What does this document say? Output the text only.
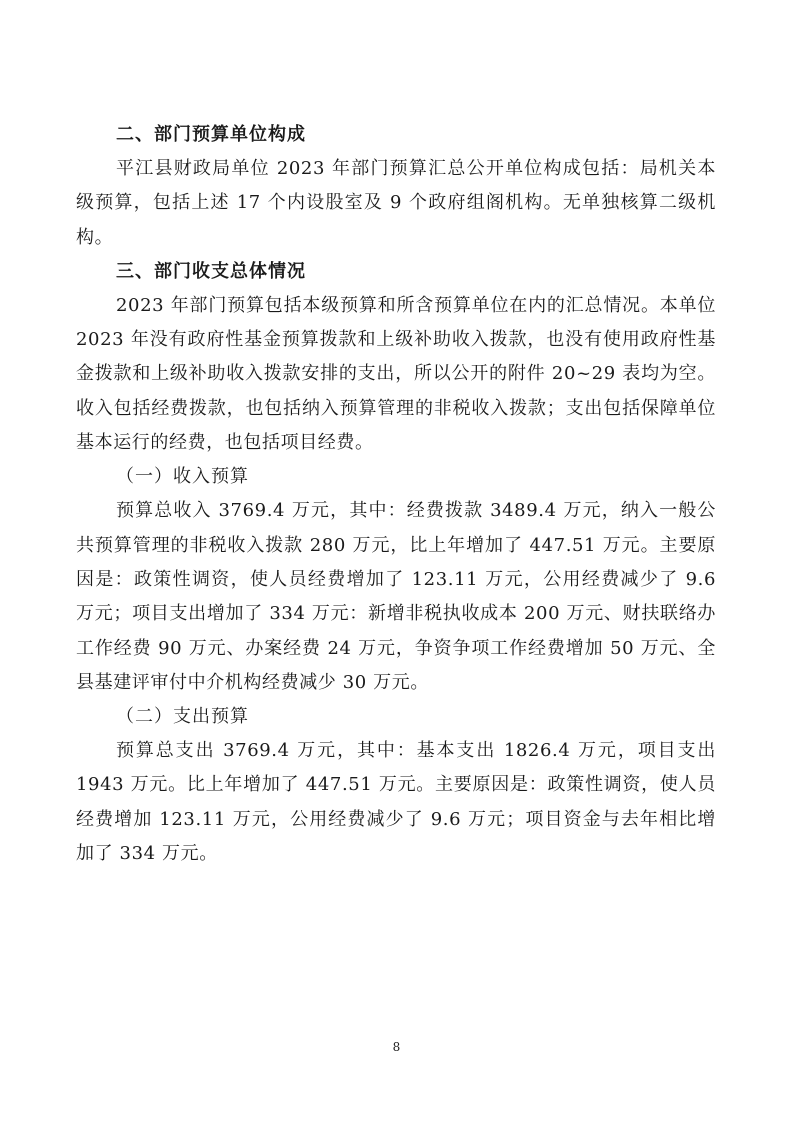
二、部门预算单位构成

平江县财政局单位 2023 年部门预算汇总公开单位构成包括：局机关本级预算，包括上述 17 个内设股室及 9 个政府组阁机构。无单独核算二级机构。

三、部门收支总体情况

2023 年部门预算包括本级预算和所含预算单位在内的汇总情况。本单位 2023 年没有政府性基金预算拨款和上级补助收入拨款，也没有使用政府性基金拨款和上级补助收入拨款安排的支出，所以公开的附件 20~29 表均为空。收入包括经费拨款，也包括纳入预算管理的非税收入拨款；支出包括保障单位基本运行的经费，也包括项目经费。

（一）收入预算

预算总收入 3769.4 万元，其中：经费拨款 3489.4 万元，纳入一般公共预算管理的非税收入拨款 280 万元，比上年增加了 447.51 万元。主要原因是：政策性调资，使人员经费增加了 123.11 万元，公用经费减少了 9.6 万元；项目支出增加了 334 万元：新增非税执收成本 200 万元、财扶联络办工作经费 90 万元、办案经费 24 万元，争资争项工作经费增加 50 万元、全县基建评审付中介机构经费减少 30 万元。

（二）支出预算

预算总支出 3769.4 万元，其中：基本支出 1826.4 万元，项目支出 1943 万元。比上年增加了 447.51 万元。主要原因是：政策性调资，使人员经费增加 123.11 万元，公用经费减少了 9.6 万元；项目资金与去年相比增加了 334 万元。

8
